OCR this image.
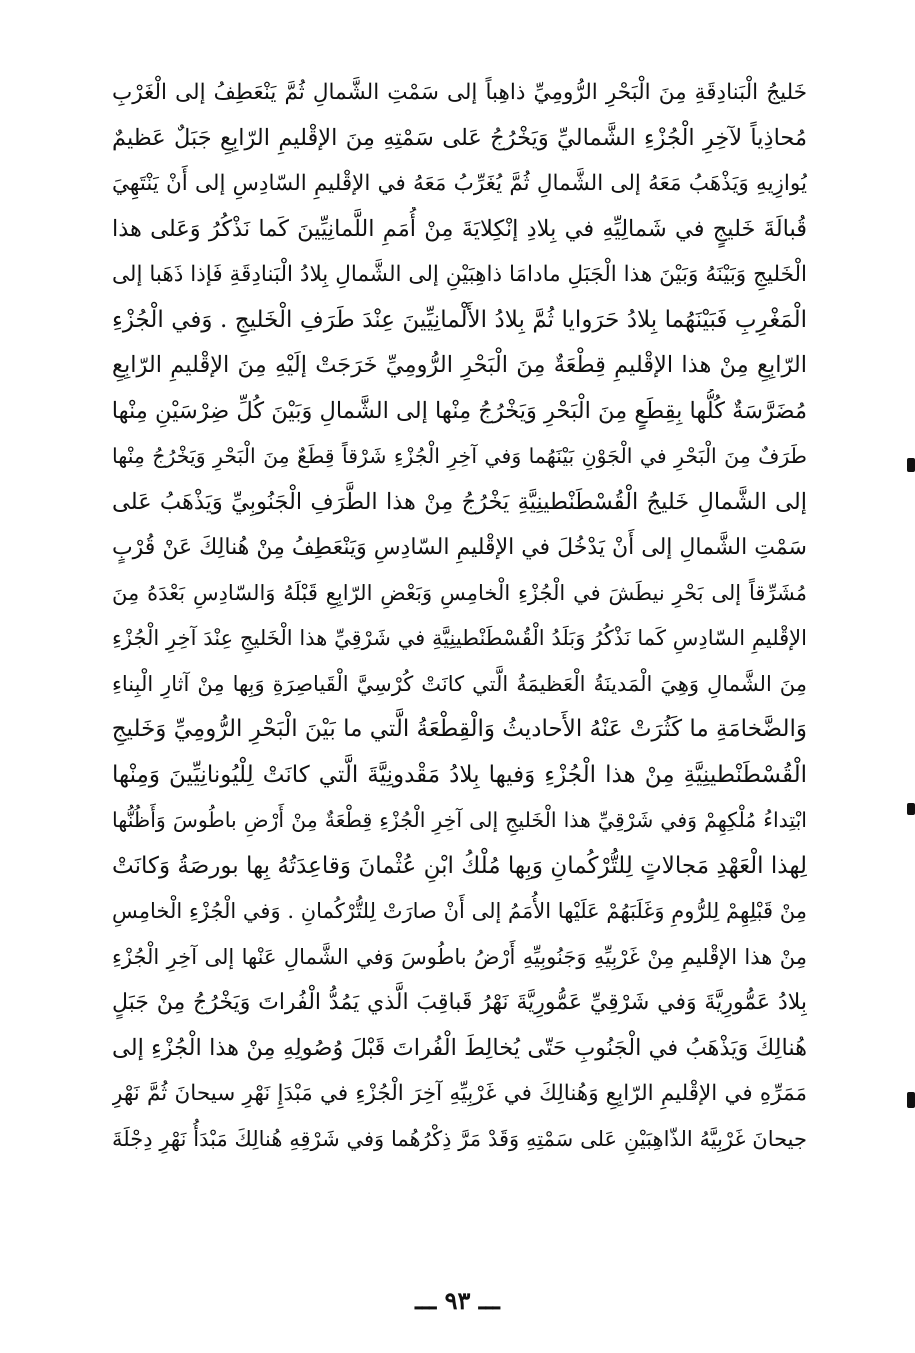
خَليجُ الْبَنادِقَةِ مِنَ الْبَحْرِ الرُّومِيِّ ذاهِباً إلى سَمْتِ الشَّمالِ ثُمَّ يَنْعَطِفُ إلى الْغَرْبِ
مُحاذِياً لآخِرِ الْجُزْءِ الشَّماليِّ وَيَخْرُجُ عَلى سَمْتِهِ مِنَ الإقْليمِ الرّابِعِ جَبَلٌ عَظيمٌ
يُوازِيهِ وَيَذْهَبُ مَعَهُ إلى الشَّمالِ ثُمَّ يُغَرِّبُ مَعَهُ في الإقْليمِ السّادِسِ إلى أَنْ يَنْتَهِيَ
قُبالَةَ خَليجٍ في شَمالِيِّهِ في بِلادِ إنْكِلايَةَ مِنْ أُمَمِ اللَّمانِيِّينَ كَما نَذْكُرُ وَعَلى هذا
الْخَليجِ وَبَيْنَهُ وَبَيْنَ هذا الْجَبَلِ مادامَا ذاهِبَيْنِ إلى الشَّمالِ بِلادُ الْبَنادِقَةِ فَإذا ذَهَبا إلى
الْمَغْرِبِ فَبَيْنَهُما بِلادُ حَرَوايا ثُمَّ بِلادُ الأَلْمانِيِّينَ عِنْدَ طَرَفِ الْخَليجِ . وَفي الْجُزْءِ
الرّابِعِ مِنْ هذا الإقْليمِ قِطْعَةٌ مِنَ الْبَحْرِ الرُّومِيِّ خَرَجَتْ إلَيْهِ مِنَ الإقْليمِ الرّابِعِ
مُضَرَّسَةٌ كُلُّها بِقِطَعٍ مِنَ الْبَحْرِ وَيَخْرُجُ مِنْها إلى الشَّمالِ وَبَيْنَ كُلِّ ضِرْسَيْنِ مِنْها
طَرَفٌ مِنَ الْبَحْرِ في الْجَوْنِ بَيْنَهُما وَفي آخِرِ الْجُزْءِ شَرْقاً قِطَعٌ مِنَ الْبَحْرِ وَيَخْرُجُ مِنْها
إلى الشَّمالِ خَليجُ الْقُسْطَنْطينِيَّةِ يَخْرُجُ مِنْ هذا الطَّرَفِ الْجَنُوبِيِّ وَيَذْهَبُ عَلى
سَمْتِ الشَّمالِ إلى أَنْ يَدْخُلَ في الإقْليمِ السّادِسِ وَيَنْعَطِفُ مِنْ هُنالِكَ عَنْ قُرْبٍ
مُشَرِّقاً إلى بَحْرِ نيطَشَ في الْجُزْءِ الْخامِسِ وَبَعْضِ الرّابِعِ قَبْلَهُ وَالسّادِسِ بَعْدَهُ مِنَ
الإقْليمِ السّادِسِ كَما نَذْكُرُ وَبَلَدُ الْقُسْطَنْطينِيَّةِ في شَرْقِيِّ هذا الْخَليجِ عِنْدَ آخِرِ الْجُزْءِ
مِنَ الشَّمالِ وَهِيَ الْمَدينَةُ الْعَظيمَةُ الَّتي كانَتْ كُرْسِيَّ الْقَياصِرَةِ وَبِها مِنْ آثارِ الْبِناءِ
وَالضَّخامَةِ ما كَثُرَتْ عَنْهُ الأَحاديثُ وَالْقِطْعَةُ الَّتي ما بَيْنَ الْبَحْرِ الرُّومِيِّ وَخَليجِ
الْقُسْطَنْطينِيَّةِ مِنْ هذا الْجُزْءِ وَفيها بِلادُ مَقْدونِيَّةَ الَّتي كانَتْ لِلْيُونانِيِّينَ وَمِنْها
ابْتِداءُ مُلْكِهِمْ وَفي شَرْقِيِّ هذا الْخَليجِ إلى آخِرِ الْجُزْءِ قِطْعَةٌ مِنْ أَرْضِ باطُوسَ وَأَظُنُّها
لِهذا الْعَهْدِ مَجالاتٍ لِلتُّرْكُمانِ وَبِها مُلْكُ ابْنِ عُثْمانَ وَقاعِدَتُهُ بِها بورصَةُ وَكانَتْ
مِنْ قَبْلِهِمْ لِلرُّومِ وَغَلَبَهُمْ عَلَيْها الأُمَمُ إلى أَنْ صارَتْ لِلتُّرْكُمانِ . وَفي الْجُزْءِ الْخامِسِ
مِنْ هذا الإقْليمِ مِنْ غَرْبِيِّهِ وَجَنُوبِيِّهِ أَرْضُ باطُوسَ وَفي الشَّمالِ عَنْها إلى آخِرِ الْجُزْءِ
بِلادُ عَمُّورِيَّةَ وَفي شَرْقِيِّ عَمُّورِيَّةَ نَهْرُ قَباقِبَ الَّذي يَمُدُّ الْفُراتَ وَيَخْرُجُ مِنْ جَبَلٍ
هُنالِكَ وَيَذْهَبُ في الْجَنُوبِ حَتّى يُخالِطَ الْفُراتَ قَبْلَ وُصُولِهِ مِنْ هذا الْجُزْءِ إلى
مَمَرِّهِ في الإقْليمِ الرّابِعِ وَهُنالِكَ في غَرْبِيِّهِ آخِرَ الْجُزْءِ في مَبْدَإِ نَهْرِ سيحانَ ثُمَّ نَهْرِ
جيحانَ غَرْبِيَّهُ الذّاهِبَيْنِ عَلى سَمْتِهِ وَقَدْ مَرَّ ذِكْرُهُما وَفي شَرْقِهِ هُنالِكَ مَبْدَأُ نَهْرِ دِجْلَةَ
ـــ ٩٣ ـــ
